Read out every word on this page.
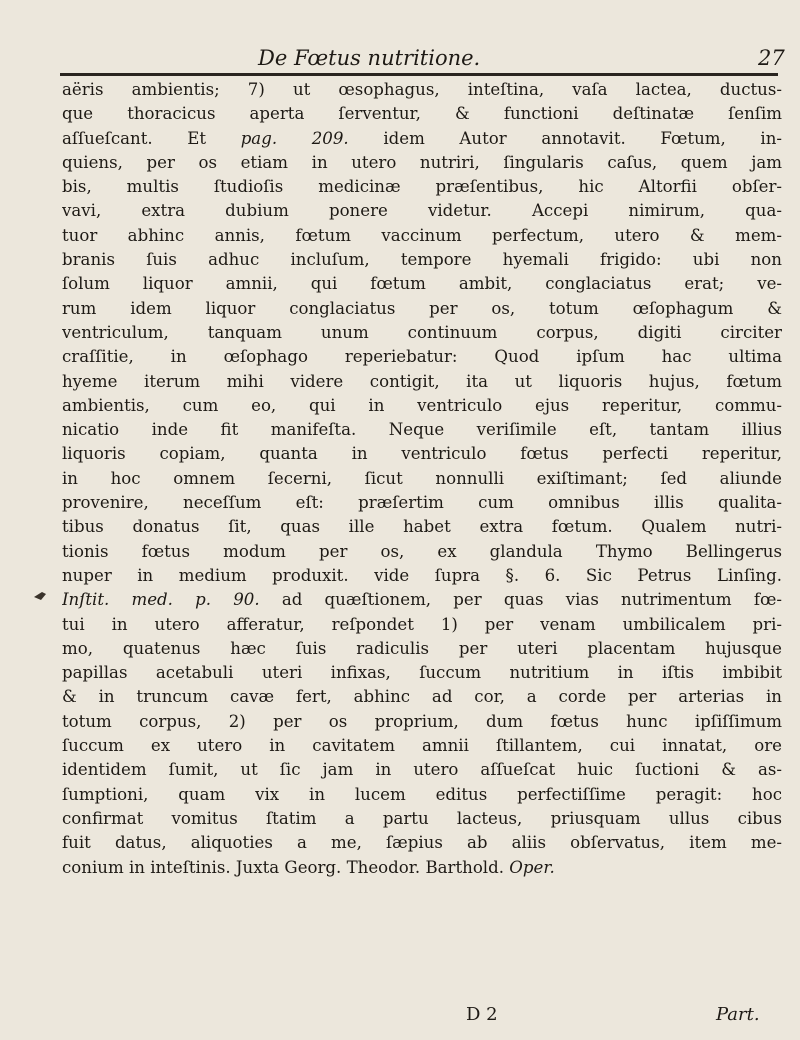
De Fœtus nutritione.	27
aëris ambientis; 7) ut œsophagus, inteſtina, vaſa lactea, ductus-
que thoracicus aperta ſerventur, & functioni deſtinatæ ſenſim
aſſueſcant. Et pag. 209. idem Autor annotavit. Fœtum, in-
quiens, per os etiam in utero nutriri, ſingularis caſus, quem jam
bis, multis ſtudioſis medicinæ præſentibus, hic Altorfii obſer-
vavi, extra dubium ponere videtur. Accepi nimirum, qua-
tuor abhinc annis, fœtum vaccinum perfectum, utero & mem-
branis ſuis adhuc incluſum, tempore hyemali frigido: ubi non
ſolum liquor amnii, qui fœtum ambit, conglaciatus erat; ve-
rum idem liquor conglaciatus per os, totum œſophagum &
ventriculum, tanquam unum continuum corpus, digiti circiter
craſſitie, in œſophago reperiebatur: Quod ipſum hac ultima
hyeme iterum mihi videre contigit, ita ut liquoris hujus, fœtum
ambientis, cum eo, qui in ventriculo ejus reperitur, commu-
nicatio inde fit manifeſta. Neque veriſimile eſt, tantam illius
liquoris copiam, quanta in ventriculo fœtus perfecti reperitur,
in hoc omnem ſecerni, ſicut nonnulli exiſtimant; ſed aliunde
provenire, neceſſum eſt: præſertim cum omnibus illis qualita-
tibus donatus ſit, quas ille habet extra fœtum. Qualem nutri-
tionis fœtus modum per os, ex glandula Thymo Bellingerus
nuper in medium produxit. vide ſupra §. 6. Sic Petrus Linſing.
Inſtit. med. p. 90. ad quæſtionem, per quas vias nutrimentum fœ-
tui in utero afferatur, reſpondet 1) per venam umbilicalem pri-
mo, quatenus hæc ſuis radiculis per uteri placentam hujusque
papillas acetabuli uteri infixas, ſuccum nutritium in iſtis imbibit
& in truncum cavæ fert, abhinc ad cor, a corde per arterias in
totum corpus, 2) per os proprium, dum fœtus hunc ipſiſſimum
ſuccum ex utero in cavitatem amnii ſtillantem, cui innatat, ore
identidem ſumit, ut ſic jam in utero aſſueſcat huic ſuctioni & as-
ſumptioni, quam vix in lucem editus perfectiſſime peragit: hoc
confirmat vomitus ſtatim a partu lacteus, priusquam ullus cibus
fuit datus, aliquoties a me, ſæpius ab aliis obſervatus, item me-
conium in inteſtinis. Juxta Georg. Theodor. Barthold. Oper.
D 2	Part.
